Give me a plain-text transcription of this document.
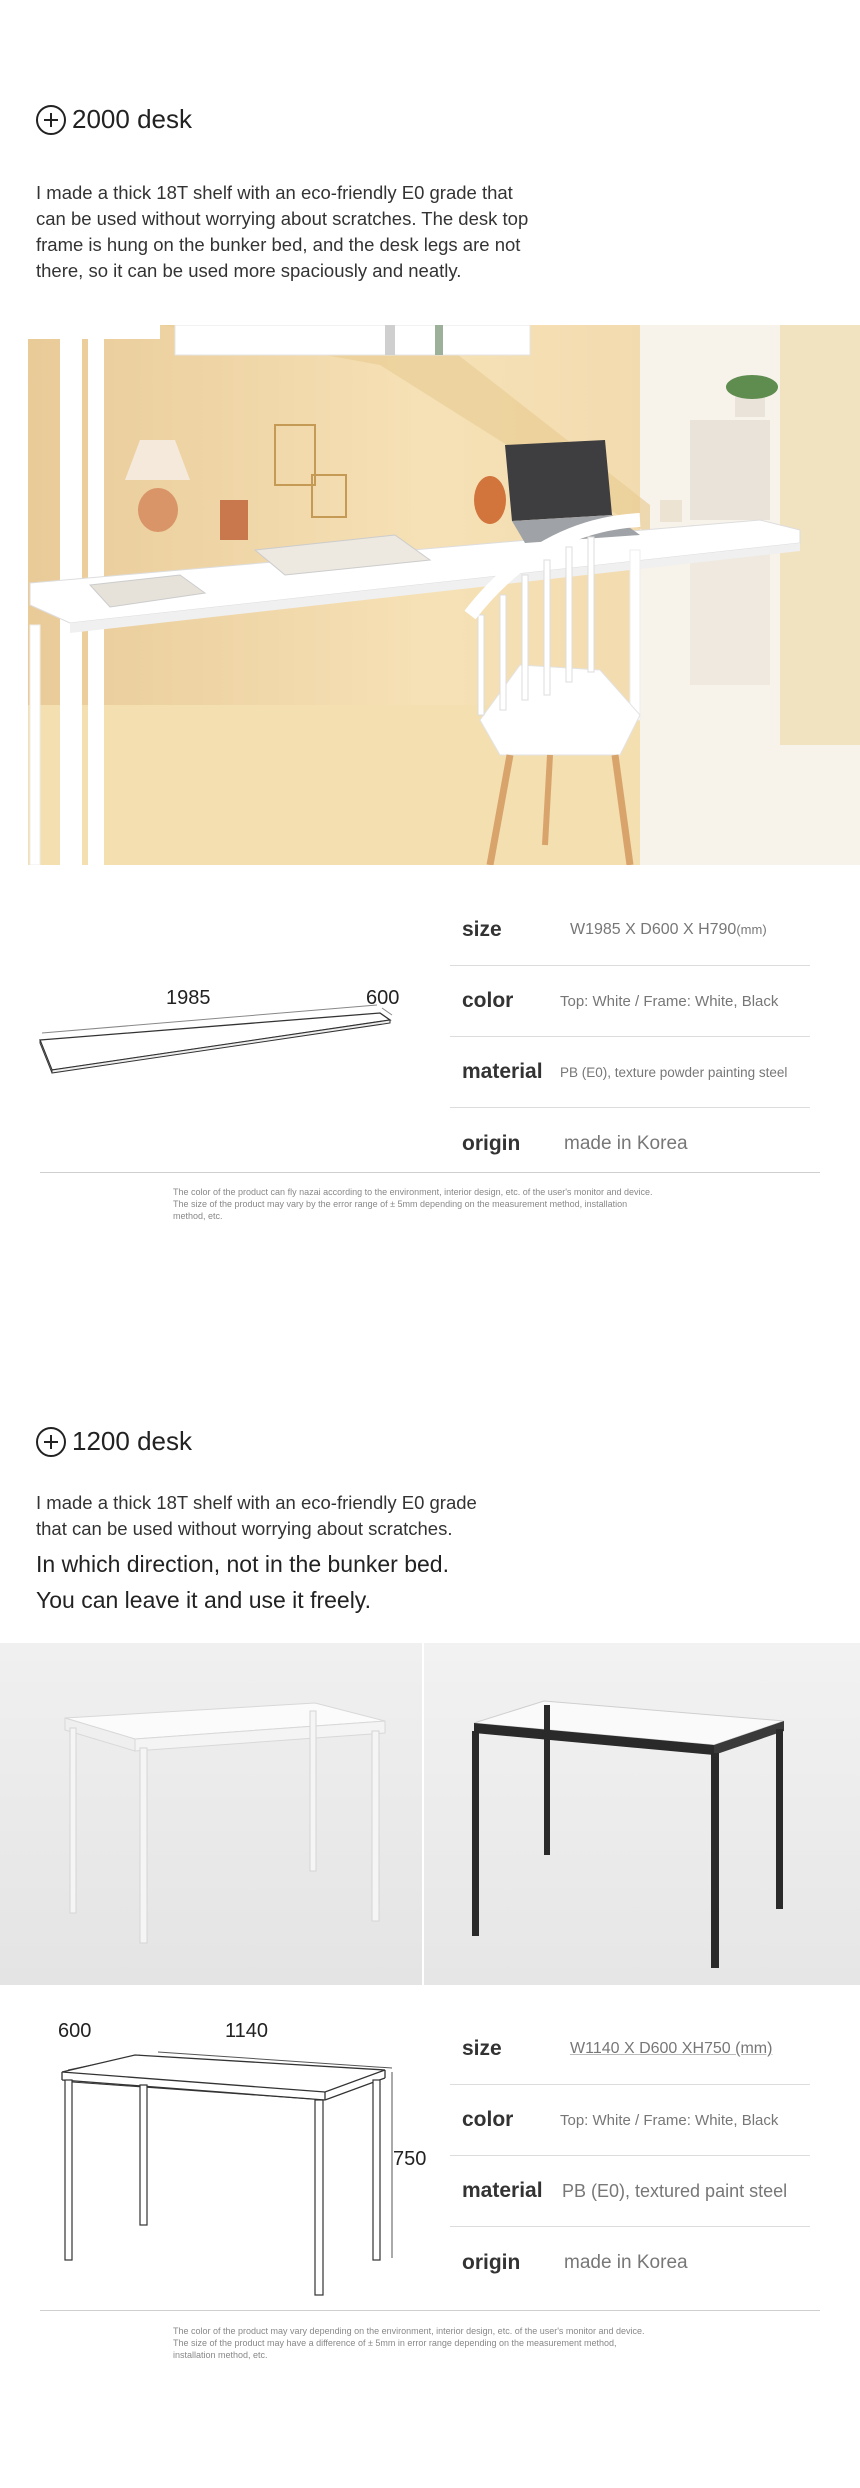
2000 desk
I made a thick 18T shelf with an eco-friendly E0 grade that
can be used without worrying about scratches. The desk top
frame is hung on the bunker bed, and the desk legs are not
there, so it can be used more spaciously and neatly.
1985	600
size	W1985 X D600 X H790(mm)
color	Top: White / Frame: White, Black
material	PB (E0), texture powder painting steel
origin	made in Korea
The color of the product can fly nazai according to the environment, interior design, etc. of the user's monitor and device.
The size of the product may vary by the error range of ± 5mm depending on the measurement method, installation
method, etc.
1200 desk
I made a thick 18T shelf with an eco-friendly E0 grade
that can be used without worrying about scratches.
In which direction, not in the bunker bed.
You can leave it and use it freely.
600	1140
750
size	W1140 X D600 XH750 (mm)
color	Top: White / Frame: White, Black
material	PB (E0), textured paint steel
origin	made in Korea
The color of the product may vary depending on the environment, interior design, etc. of the user's monitor and device.
The size of the product may have a difference of ± 5mm in error range depending on the measurement method,
installation method, etc.
